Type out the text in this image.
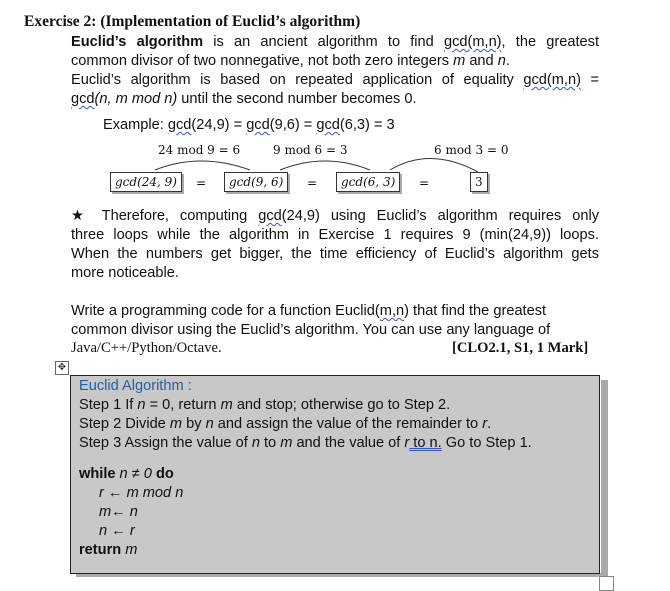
Exercise 2: (Implementation of Euclid’s algorithm)
Euclid’s algorithm is an ancient algorithm to find gcd(m,n), the greatest
common divisor of two nonnegative, not both zero integers m and n.
Euclid’s algorithm is based on repeated application of equality gcd(m,n) =
gcd(n, m mod n) until the second number becomes 0.
Example: gcd(24,9) = gcd(9,6) = gcd(6,3) = 3
24 mod 9 = 6	9 mod 6 = 3	6 mod 3 = 0
gcd(24, 9)	=	gcd(9, 6)	=	gcd(6, 3)	=	3
★ Therefore, computing gcd(24,9) using Euclid’s algorithm requires only
three loops while the algorithm in Exercise 1 requires 9 (min(24,9)) loops.
When the numbers get bigger, the time efficiency of Euclid’s algorithm gets
more noticeable.
Write a programming code for a function Euclid(m,n) that find the greatest
common divisor using the Euclid’s algorithm. You can use any language of
Java/C++/Python/Octave.	[CLO2.1, S1, 1 Mark]
✥
Euclid Algorithm :
Step 1 If n = 0, return m and stop; otherwise go to Step 2.
Step 2 Divide m by n and assign the value of the remainder to r.
Step 3 Assign the value of n to m and the value of r to n. Go to Step 1.
while n ≠ 0 do
r ← m mod n
m← n
n ← r
return m
